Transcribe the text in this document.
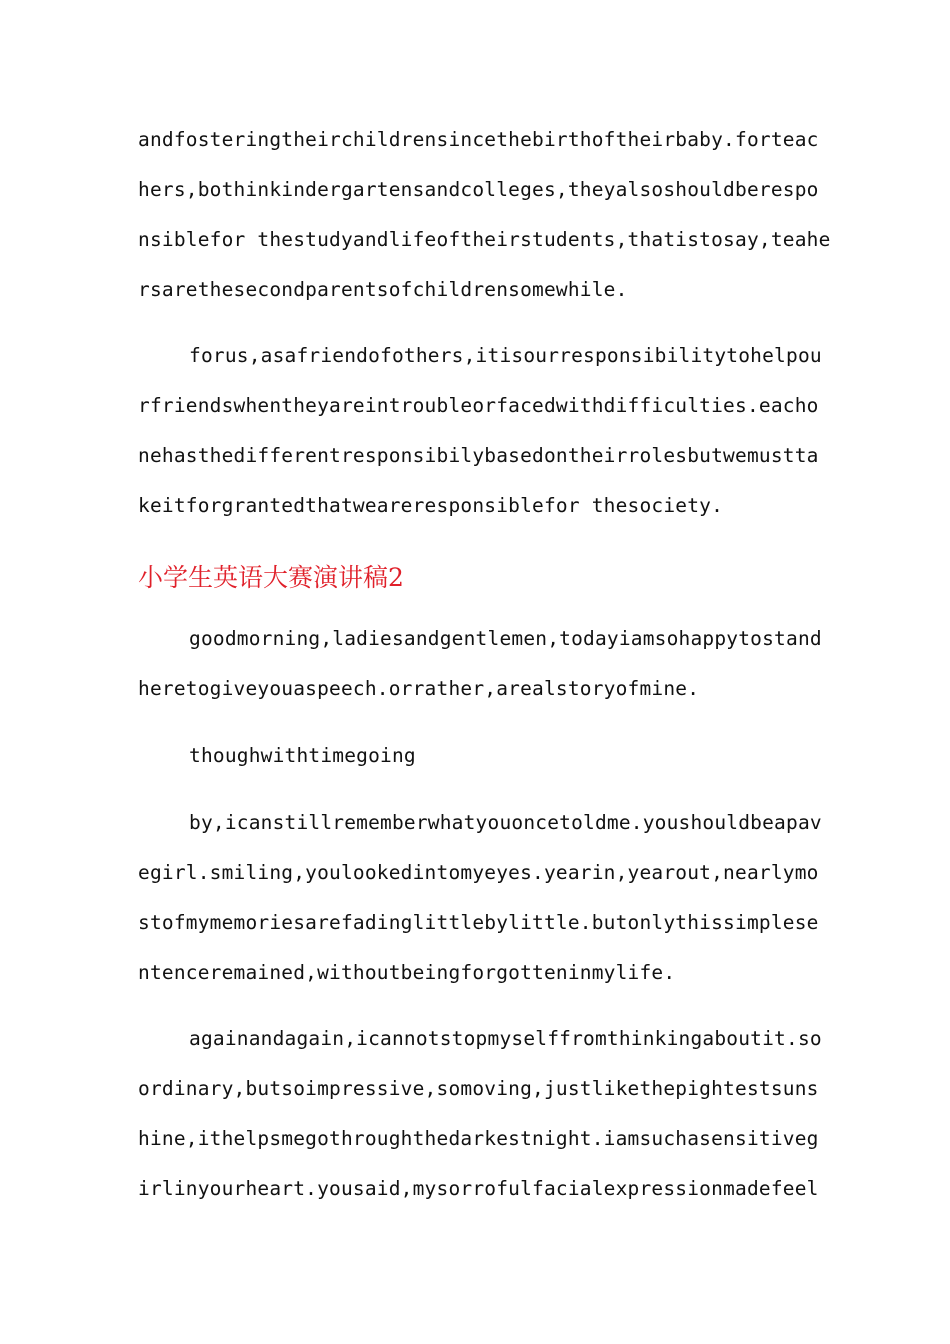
andfosteringtheirchildrensincethebirthoftheirbaby.forteac
hers,bothinkindergartensandcolleges,theyalsoshouldberespo
nsiblefor thestudyandlifeoftheirstudents,thatistosay,teahe
rsarethesecondparentsofchildrensomewhile.
forus,asafriendofothers,itisourresponsibilitytohelpou
rfriendswhentheyareintroubleorfacedwithdifficulties.eacho
nehasthedifferentresponsibilybasedontheirrolesbutwemustta
keitforgrantedthatweareresponsiblefor thesociety.
小学生英语大赛演讲稿2
goodmorning,ladiesandgentlemen,todayiamsohappytostand
heretogiveyouaspeech.orrather,arealstoryofmine.
thoughwithtimegoing
by,icanstillrememberwhatyouoncetoldme.youshouldbeapav
egirl.smiling,youlookedintomyeyes.yearin,yearout,nearlymo
stofmymemoriesarefadinglittlebylittle.butonlythissimplese
ntenceremained,withoutbeingforgotteninmylife.
againandagain,icannotstopmyselffromthinkingaboutit.so
ordinary,butsoimpressive,somoving,justlikethepightestsuns
hine,ithelpsmegothroughthedarkestnight.iamsuchasensitiveg
irlinyourheart.yousaid,mysorrofulfacialexpressionmadefeel
